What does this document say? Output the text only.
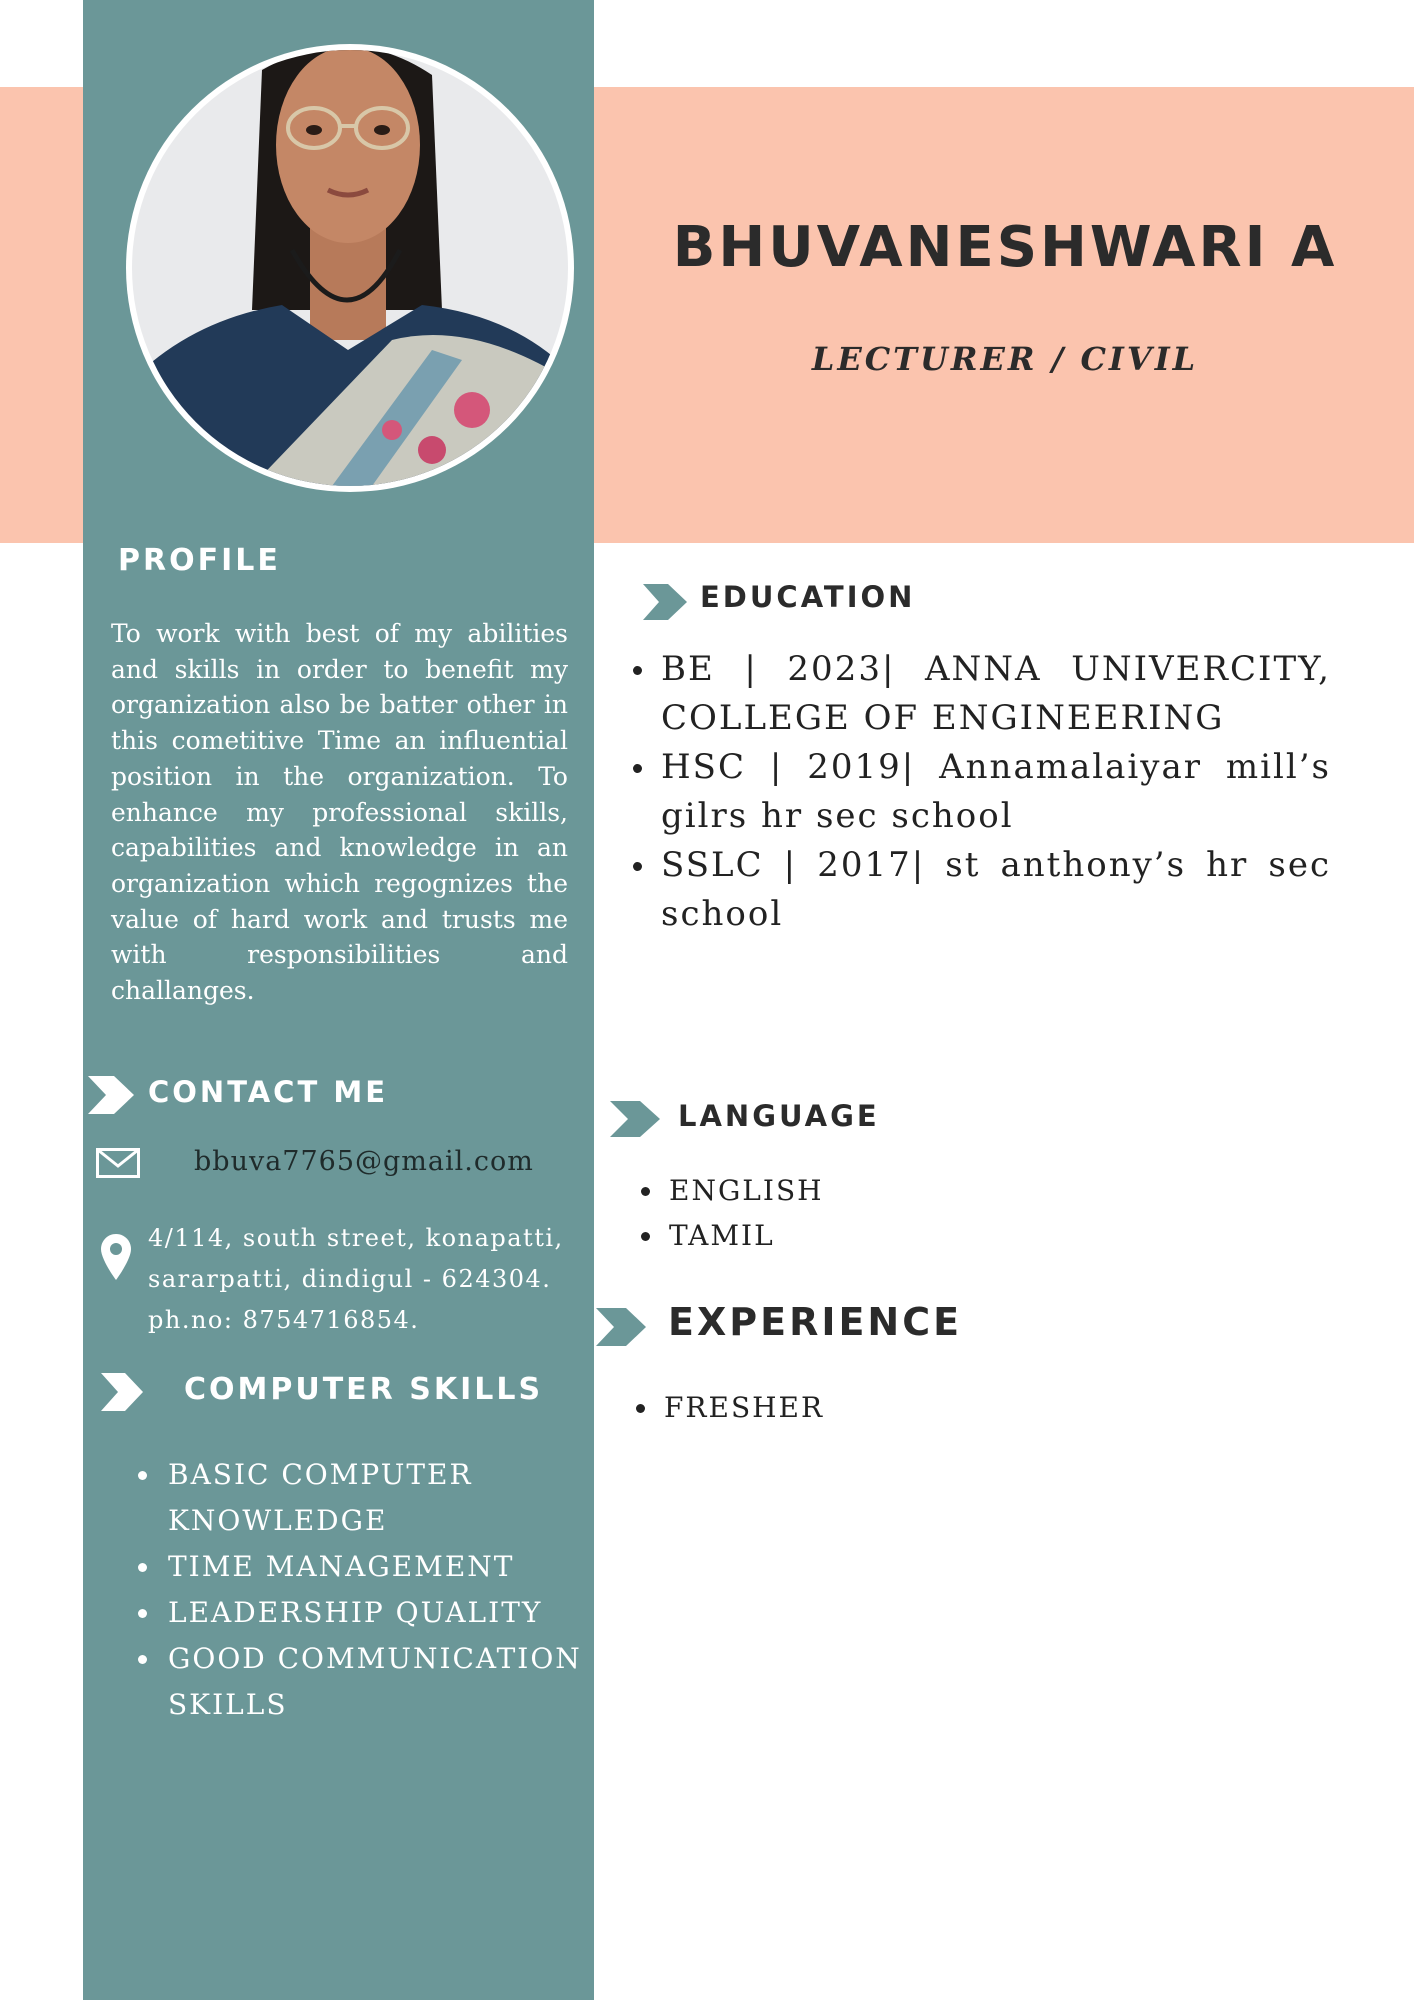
BHUVANESHWARI A
LECTURER / CIVIL
PROFILE
To work with best of my abilities and skills in order to benefit my organization also be batter other in this cometitive Time an influential position in the organization. To enhance my professional skills, capabilities and knowledge in an organization which regognizes the value of hard work and trusts me with responsibilities and challanges.
CONTACT ME
bbuva7765@gmail.com
4/114, south street, konapatti,
sararpatti, dindigul - 624304.
ph.no: 8754716854.
COMPUTER SKILLS
BASIC COMPUTER KNOWLEDGE
TIME MANAGEMENT
LEADERSHIP QUALITY
GOOD COMMUNICATION SKILLS
EDUCATION
BE | 2023| ANNA UNIVERCITY, COLLEGE OF ENGINEERING
HSC | 2019| Annamalaiyar mill’s gilrs hr sec school
SSLC | 2017| st anthony’s hr sec school
LANGUAGE
ENGLISH
TAMIL
EXPERIENCE
FRESHER
